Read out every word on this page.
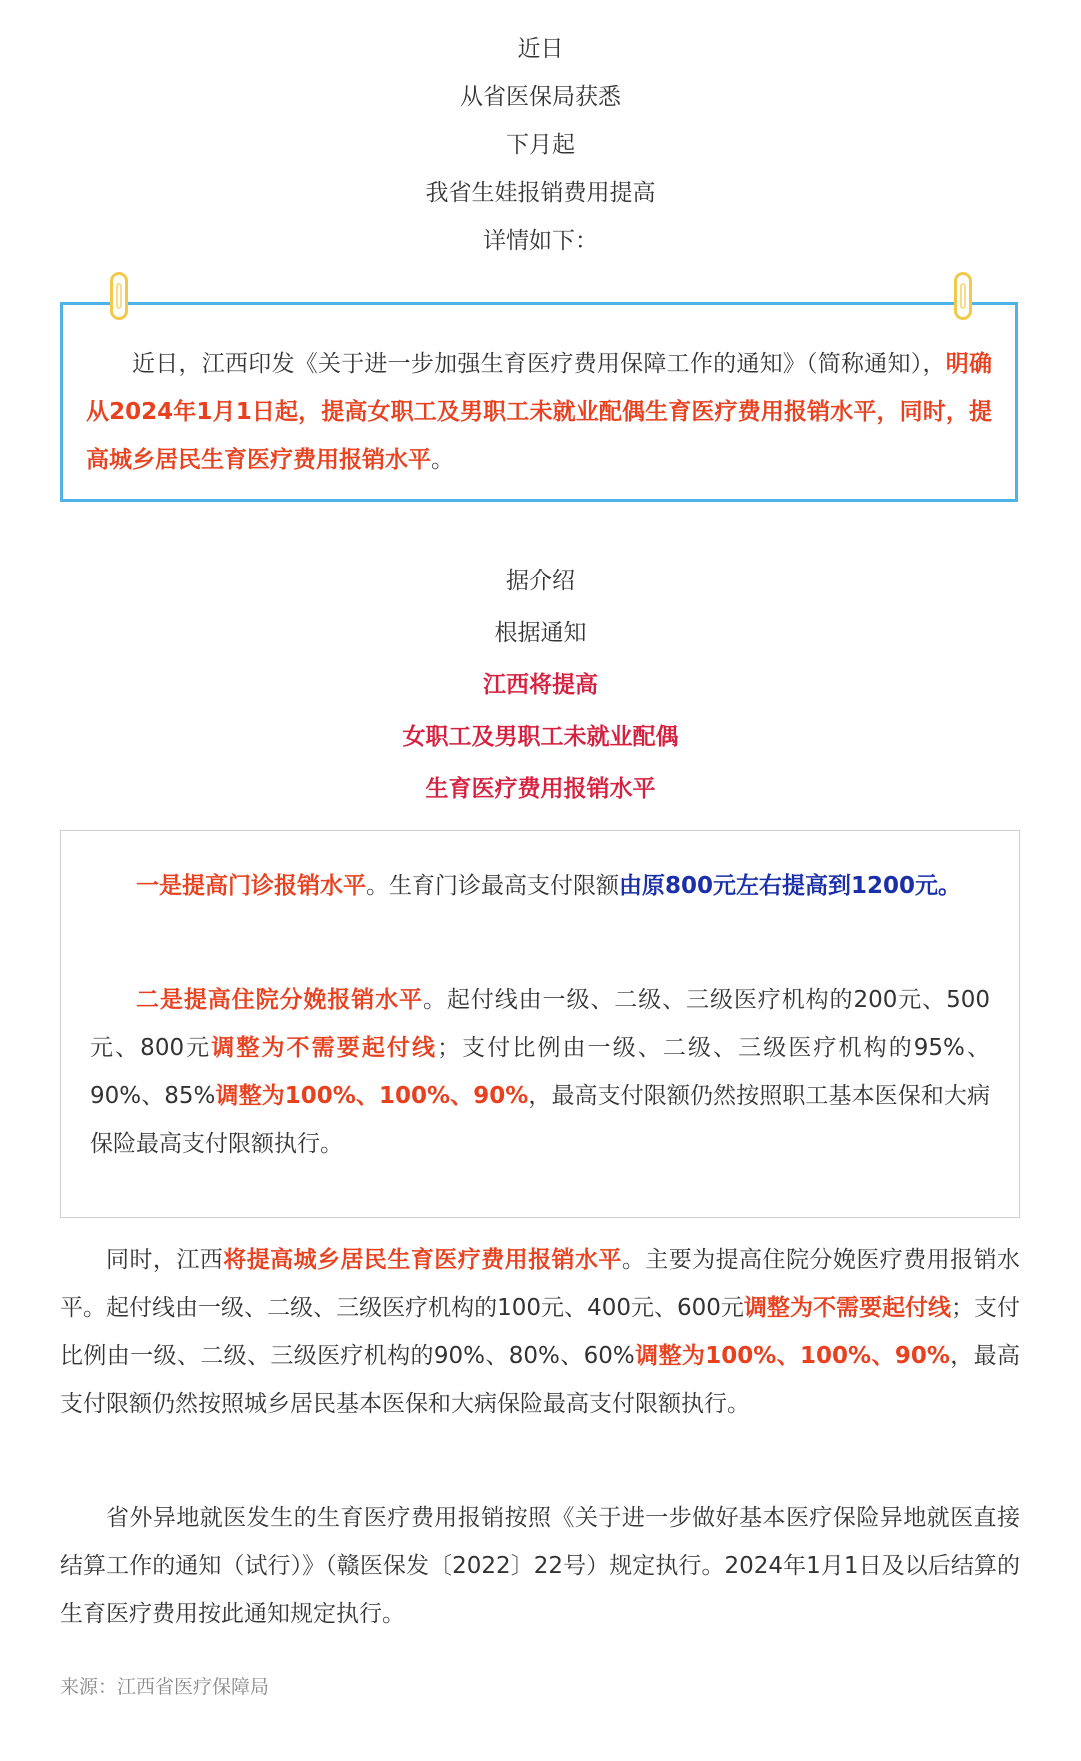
近日
从省医保局获悉
下月起
我省生娃报销费用提高
详情如下：
近日，江西印发《关于进一步加强生育医疗费用保障工作的通知》（简称通知），明确从2024年1月1日起，提高女职工及男职工未就业配偶生育医疗费用报销水平，同时，提高城乡居民生育医疗费用报销水平。
据介绍
根据通知
江西将提高
女职工及男职工未就业配偶
生育医疗费用报销水平
一是提高门诊报销水平。生育门诊最高支付限额由原800元左右提高到1200元。
二是提高住院分娩报销水平。起付线由一级、二级、三级医疗机构的200元、500元、800元调整为不需要起付线；支付比例由一级、二级、三级医疗机构的95%、90%、85%调整为100%、100%、90%，最高支付限额仍然按照职工基本医保和大病保险最高支付限额执行。
同时，江西将提高城乡居民生育医疗费用报销水平。主要为提高住院分娩医疗费用报销水平。起付线由一级、二级、三级医疗机构的100元、400元、600元调整为不需要起付线；支付比例由一级、二级、三级医疗机构的90%、80%、60%调整为100%、100%、90%，最高支付限额仍然按照城乡居民基本医保和大病保险最高支付限额执行。
省外异地就医发生的生育医疗费用报销按照《关于进一步做好基本医疗保险异地就医直接结算工作的通知（试行）》（赣医保发〔2022〕22号）规定执行。2024年1月1日及以后结算的生育医疗费用按此通知规定执行。
来源：江西省医疗保障局
